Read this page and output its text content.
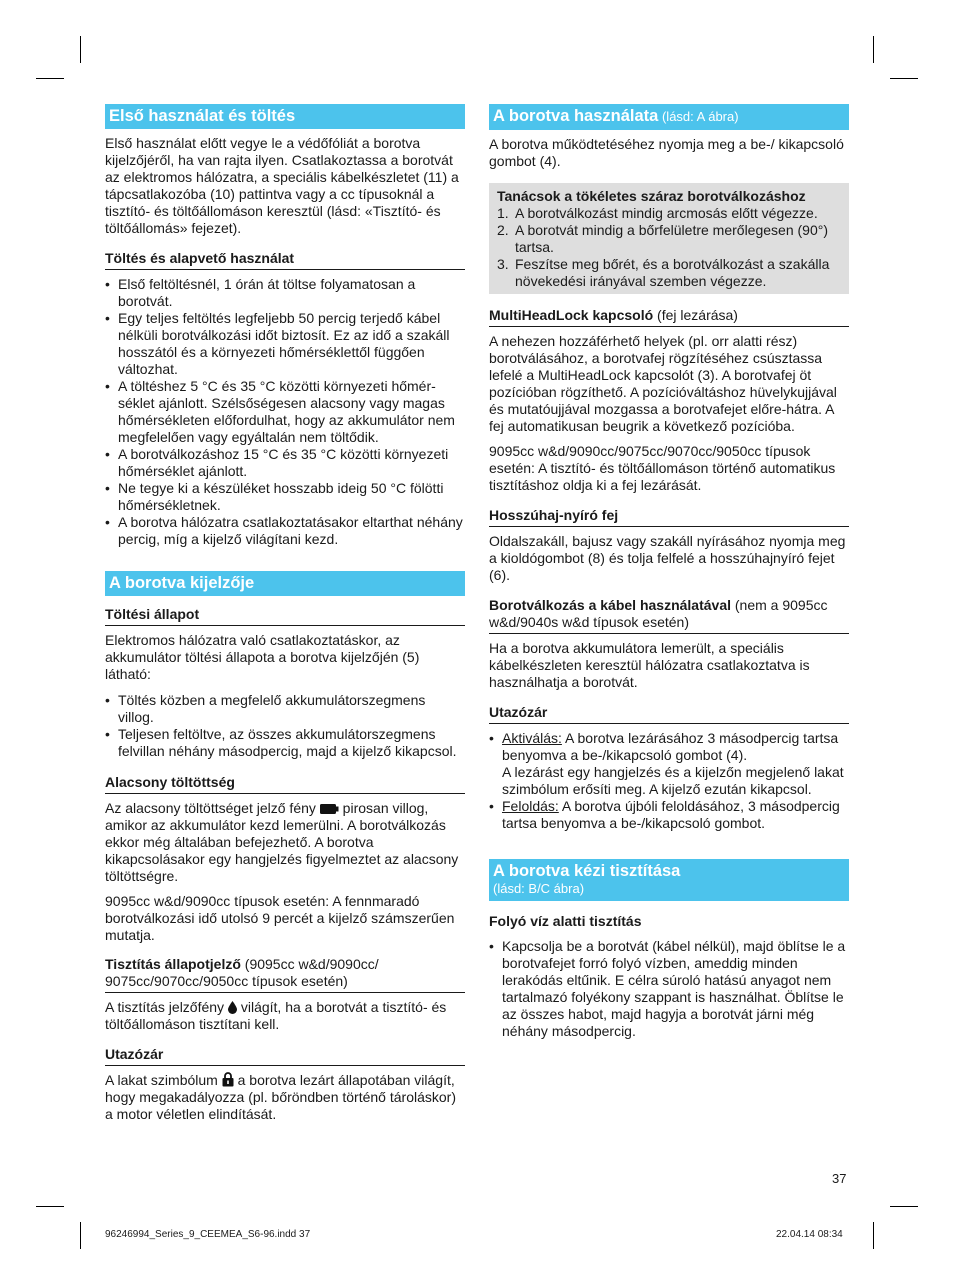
Első használat és töltés

Első használat előtt vegye le a védőfóliát a borotva kijelzőjéről, ha van rajta ilyen. Csatlakoztassa a borotvát az elektromos hálózatra, a speciális kábelkészletet (11) a tápcsatlakozóba (10) pattintva vagy a cc típusoknál a tisztító- és töltőállomáson keresztül (lásd: «Tisztító- és töltőállomás» fejezet).

Töltés és alapvető használat
• Első feltöltésnél, 1 órán át töltse folyamatosan a borotvát.
• Egy teljes feltöltés legfeljebb 50 percig terjedő kábel nélküli borotválkozási időt biztosít. Ez az idő a szakáll hosszától és a környezeti hőmérséklettől függően változhat.
• A töltéshez 5 °C és 35 °C közötti környezeti hőmérséklet ajánlott. Szélsőségesen alacsony vagy magas hőmérsékleten előfordulhat, hogy az akkumulátor nem megfelelően vagy egyáltalán nem töltődik.
• A borotválkozáshoz 15 °C és 35 °C közötti környezeti hőmérséklet ajánlott.
• Ne tegye ki a készüléket hosszabb ideig 50 °C fölötti hőmérsékletnek.
• A borotva hálózatra csatlakoztatásakor eltarthat néhány percig, míg a kijelző világítani kezd.
A borotva kijelzője
Töltési állapot

Elektromos hálózatra való csatlakoztatáskor, az akkumulátor töltési állapota a borotva kijelzőjén (5) látható:

• Töltés közben a megfelelő akkumulátorszegmens villog.
• Teljesen feltöltve, az összes akkumulátorszegmens felvillan néhány másodpercig, majd a kijelző kikapcsol.
Alacsony töltöttség

Az alacsony töltöttséget jelző fény  pirosan villog, amikor az akkumulátor kezd lemerülni. A borotválkozás ekkor még általában befejezhető. A borotva kikapcsolásakor egy hangjelzés figyelmeztet az alacsony töltöttségre.

9095cc w&d/9090cc típusok esetén: A fennmaradó borotválkozási idő utolsó 9 percét a kijelző számszerűen mutatja.

Tisztítás állapotjelző (9095cc w&d/9090cc/ 9075cc/9070cc/9050cc típusok esetén)

A tisztítás jelzőfény  világít, ha a borotvát a tisztító- és töltőállomáson tisztítani kell.

Utazózár

A lakat szimbólum  a borotva lezárt állapotában világít, hogy megakadályozza (pl. bőröndben történő tároláskor) a motor véletlen elindítását.

A borotva használata (lásd: A ábra)

A borotva működtetéséhez nyomja meg a be-/ kikapcsoló gombot (4).

Tanácsok a tökéletes száraz borotválkozáshoz
1. A borotválkozást mindig arcmosás előtt végezze.
2. A borotvát mindig a bőrfelületre merőlegesen (90°) tartsa.
3. Feszítse meg bőrét, és a borotválkozást a szakálla növekedési irányával szemben végezze.
MultiHeadLock kapcsoló (fej lezárása)

A nehezen hozzáférhető helyek (pl. orr alatti rész) borotválásához, a borotvafej rögzítéséhez csúsztassa lefelé a MultiHeadLock kapcsolót (3). A borotvafej öt pozícióban rögzíthető. A pozícióváltáshoz hüvelykujjával és mutatóujjával mozgassa a borotvafejet előre-hátra. A fej automatikusan beugrik a következő pozícióba.

9095cc w&d/9090cc/9075cc/9070cc/9050cc típusok esetén: A tisztító- és töltőállomáson történő automatikus tisztításhoz oldja ki a fej lezárását.

Hosszúhaj-nyíró fej

Oldalszakáll, bajusz vagy szakáll nyírásához nyomja meg a kioldógombot (8) és tolja felfelé a hosszúhajnyíró fejet (6).

Borotválkozás a kábel használatával (nem a 9095cc w&d/9040s w&d típusok esetén)

Ha a borotva akkumulátora lemerült, a speciális kábelkészleten keresztül hálózatra csatlakoztatva is használhatja a borotvát.

Utazózár
• Aktiválás: A borotva lezárásához 3 másodpercig tartsa benyomva a be-/kikapcsoló gombot (4).
A lezárást egy hangjelzés és a kijelzőn megjelenő lakat szimbólum erősíti meg. A kijelző ezután kikapcsol.
• Feloldás: A borotva újbóli feloldásához, 3 másodpercig tartsa benyomva a be-/kikapcsoló gombot.
A borotva kézi tisztítása
(lásd: B/C ábra)
Folyó víz alatti tisztítás
• Kapcsolja be a borotvát (kábel nélkül), majd öblítse le a borotvafejet forró folyó vízben, ameddig minden lerakódás eltűnik. E célra súroló hatású anyagot nem tartalmazó folyékony szappant is használhat. Öblítse le az összes habot, majd hagyja a borotvát járni még néhány másodpercig.
37
96246994_Series_9_CEEMEA_S6-96.indd 37	22.04.14 08:34
